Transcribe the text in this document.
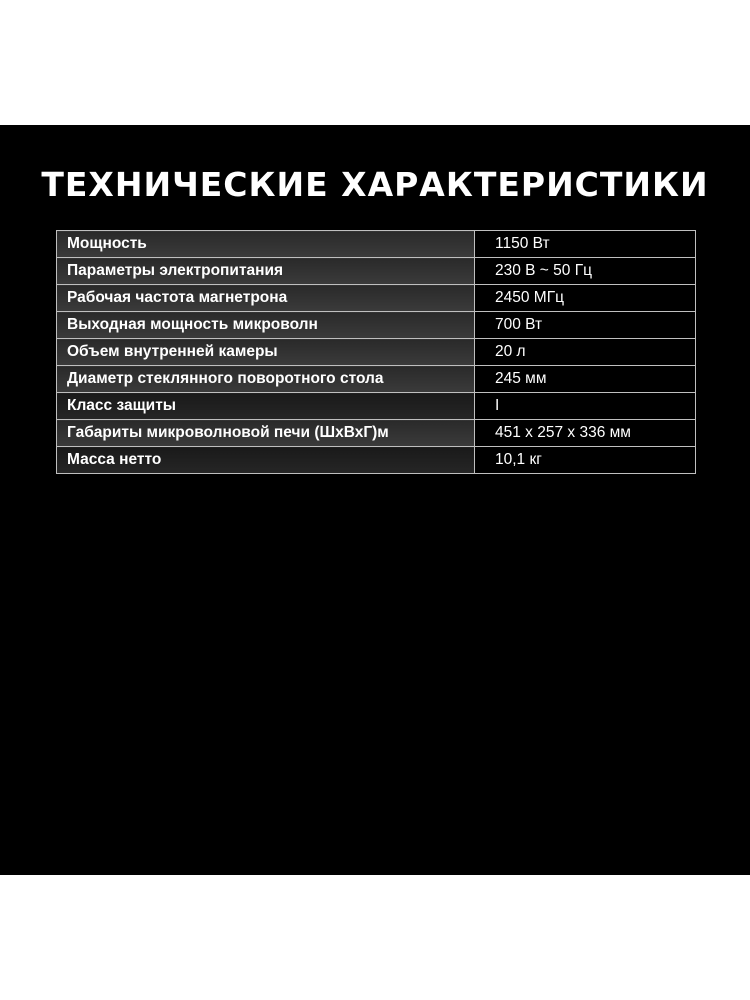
ТЕХНИЧЕСКИЕ ХАРАКТЕРИСТИКИ
Мощность	1150 Вт
Параметры электропитания	230 В ~ 50 Гц
Рабочая частота магнетрона	2450 МГц
Выходная мощность микроволн	700 Вт
Объем внутренней камеры	20 л
Диаметр стеклянного поворотного стола	245 мм
Класс защиты	I
Габариты микроволновой печи (ШхВхГ)м	451 х 257 х 336 мм
Масса нетто	10,1 кг
